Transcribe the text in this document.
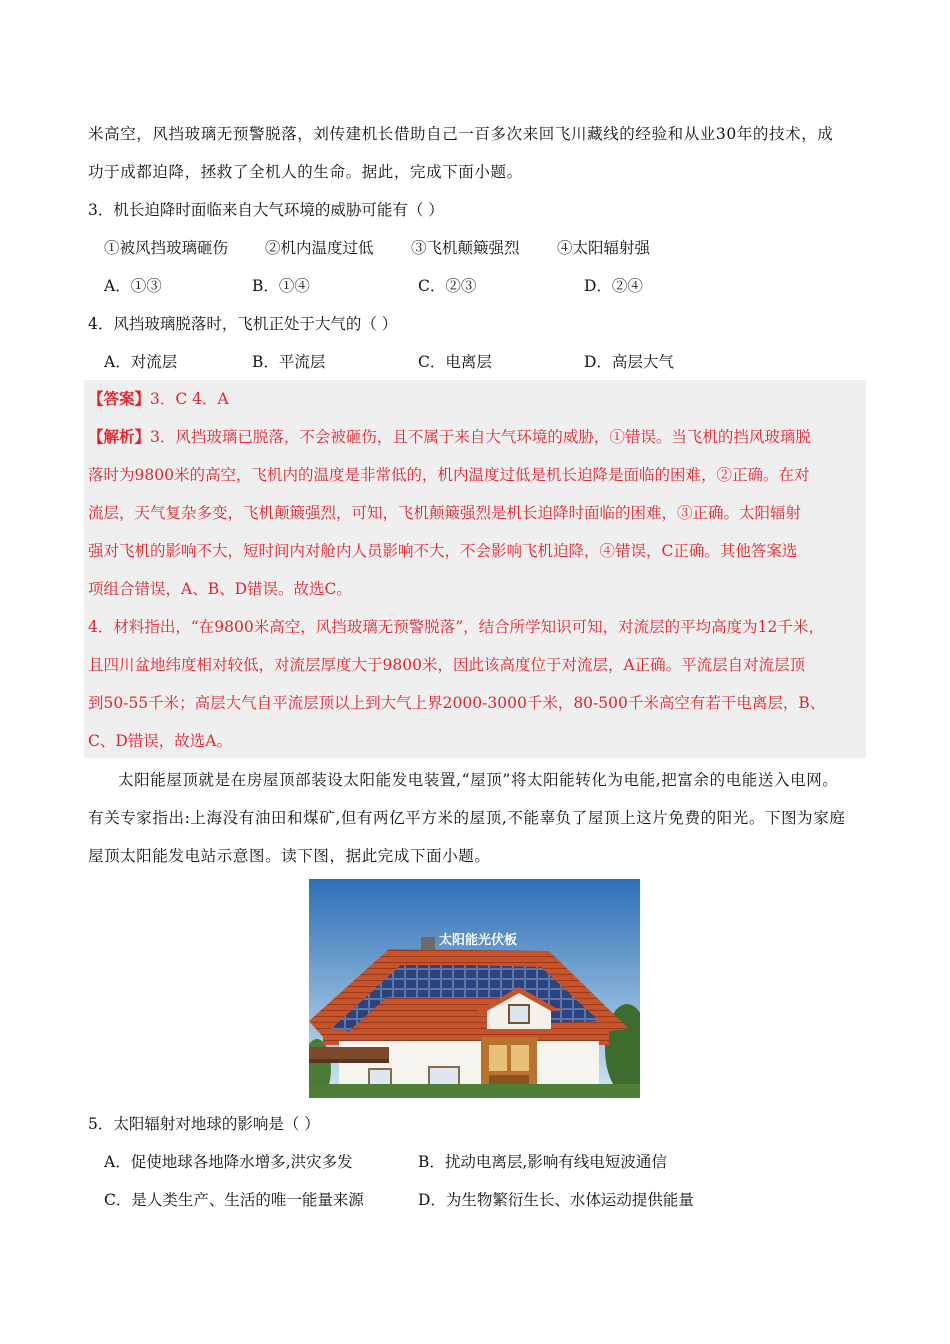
米高空，风挡玻璃无预警脱落，刘传建机长借助自己一百多次来回飞川藏线的经验和从业30年的技术，成
功于成都迫降，拯救了全机人的生命。据此，完成下面小题。
3．机长迫降时面临来自大气环境的威胁可能有（ ）
①被风挡玻璃砸伤 ②机内温度过低 ③飞机颠簸强烈 ④太阳辐射强
A．①③	B．①④	C．②③	D．②④
4．风挡玻璃脱落时，飞机正处于大气的（ ）
A．对流层	B．平流层	C．电离层	D．高层大气
【答案】3．C 4．A
【解析】3．风挡玻璃已脱落，不会被砸伤，且不属于来自大气环境的威胁，①错误。当飞机的挡风玻璃脱
落时为9800米的高空，飞机内的温度是非常低的，机内温度过低是机长迫降是面临的困难，②正确。在对
流层，天气复杂多变，飞机颠簸强烈，可知，飞机颠簸强烈是机长迫降时面临的困难，③正确。太阳辐射
强对飞机的影响不大，短时间内对舱内人员影响不大，不会影响飞机迫降，④错误，C正确。其他答案选
项组合错误，A、B、D错误。故选C。
4．材料指出，“在9800米高空，风挡玻璃无预警脱落”，结合所学知识可知，对流层的平均高度为12千米，
且四川盆地纬度相对较低，对流层厚度大于9800米，因此该高度位于对流层，A正确。平流层自对流层顶
到50-55千米；高层大气自平流层顶以上到大气上界2000-3000千米，80-500千米高空有若干电离层，B、
C、D错误，故选A。
太阳能屋顶就是在房屋顶部装设太阳能发电装置,“屋顶”将太阳能转化为电能,把富余的电能送入电网。
有关专家指出:上海没有油田和煤矿,但有两亿平方米的屋顶,不能辜负了屋顶上这片免费的阳光。下图为家庭
屋顶太阳能发电站示意图。读下图，据此完成下面小题。
太阳能光伏板
5．太阳辐射对地球的影响是（ ）
A．促使地球各地降水增多,洪灾多发	B．扰动电离层,影响有线电短波通信
C．是人类生产、生活的唯一能量来源	D．为生物繁衍生长、水体运动提供能量
